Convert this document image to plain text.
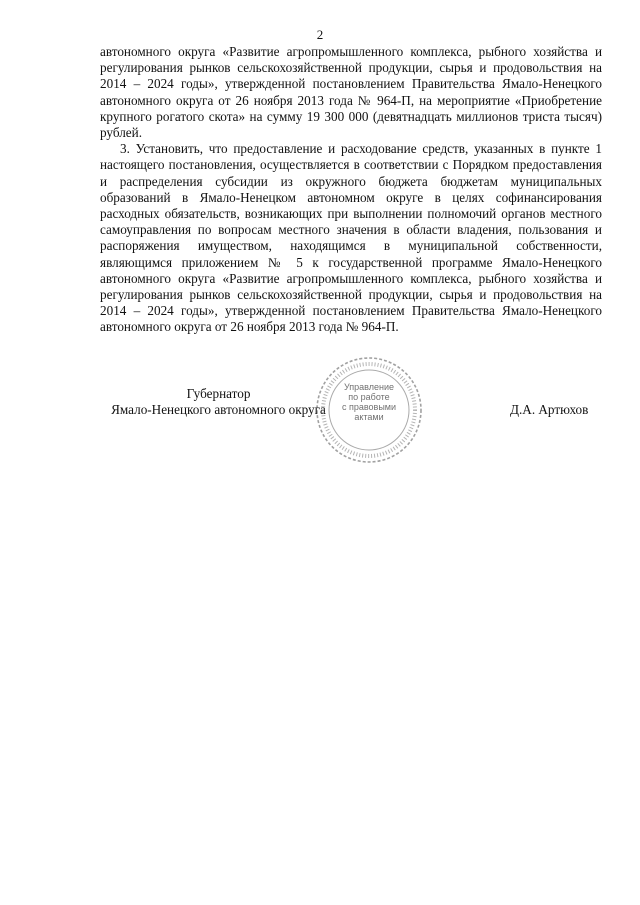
2

автономного округа «Развитие агропромышленного комплекса, рыбного хозяйства и регулирования рынков сельскохозяйственной продукции, сырья и продовольствия на 2014 – 2024 годы», утвержденной постановлением Правительства Ямало-Ненецкого автономного округа от 26 ноября 2013 года № 964-П, на мероприятие «Приобретение крупного рогатого скота» на сумму 19 300 000 (девятнадцать миллионов триста тысяч) рублей.

3. Установить, что предоставление и расходование средств, указанных в пункте 1 настоящего постановления, осуществляется в соответствии с Порядком предоставления и распределения субсидии из окружного бюджета бюджетам муниципальных образований в Ямало-Ненецком автономном округе в целях софинансирования расходных обязательств, возникающих при выполнении полномочий органов местного самоуправления по вопросам местного значения в области владения, пользования и распоряжения имуществом, находящимся в муниципальной собственности, являющимся приложением № 5 к государственной программе Ямало-Ненецкого автономного округа «Развитие агропромышленного комплекса, рыбного хозяйства и регулирования рынков сельскохозяйственной продукции, сырья и продовольствия на 2014 – 2024 годы», утвержденной постановлением Правительства Ямало-Ненецкого автономного округа от 26 ноября 2013 года № 964-П.

Губернатор
Ямало-Ненецкого автономного округа	Д.А. Артюхов
Управление
по работе
с правовыми
актами
